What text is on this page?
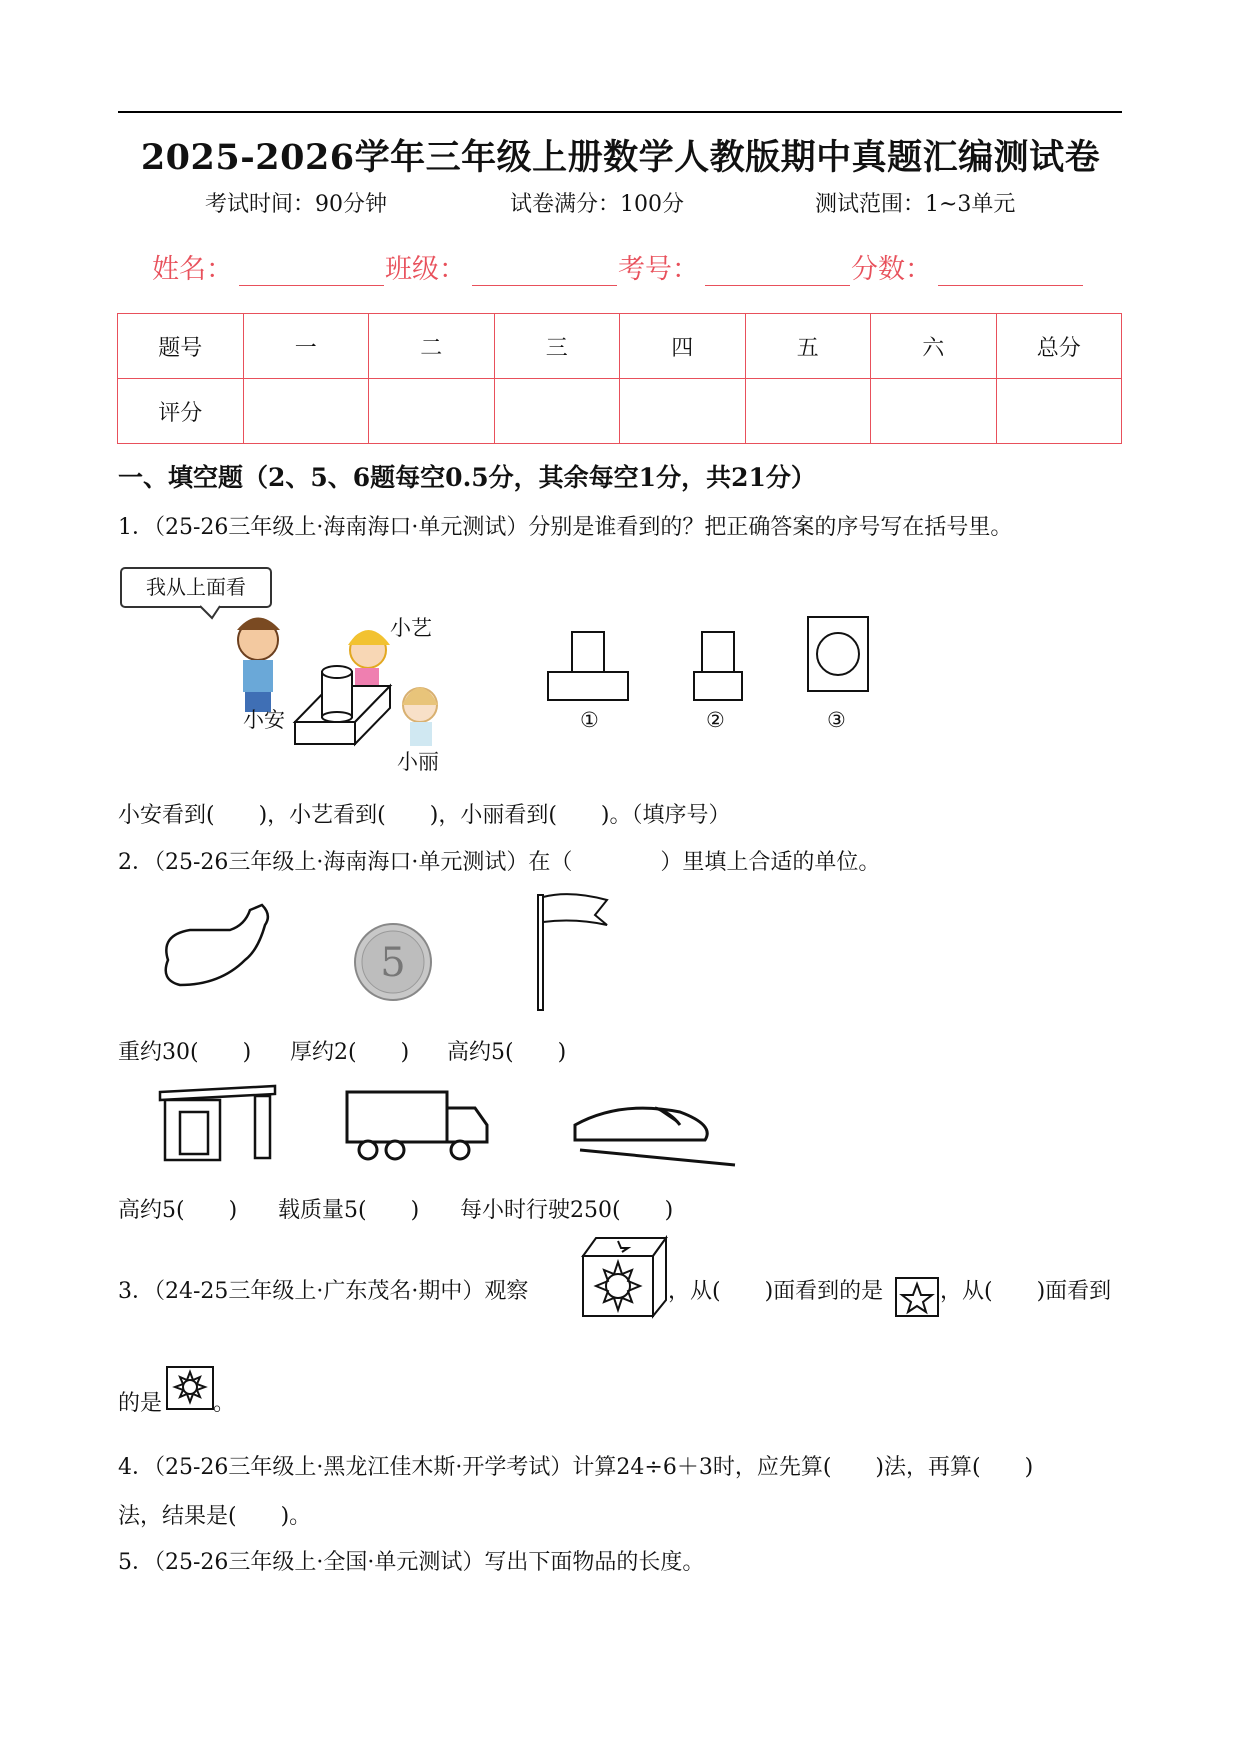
2025-2026学年三年级上册数学人教版期中真题汇编测试卷
考试时间：90分钟	试卷满分：100分	测试范围：1~3单元
姓名：	班级：	考号：	分数：
题号	一	二	三	四	五	六	总分
评分							
一、填空题（2、5、6题每空0.5分，其余每空1分，共21分）
1．（25-26三年级上·海南海口·单元测试）分别是谁看到的？把正确答案的序号写在括号里。
我从上面看
小艺
小安
小丽
①	②	③
小安看到(　　)，小艺看到(　　)，小丽看到(　　)。（填序号）
2．（25-26三年级上·海南海口·单元测试）在（　　　　）里填上合适的单位。
5
重约30(　　) 厚约2(　　) 高约5(　　)
高约5(　　) 载质量5(　　) 每小时行驶250(　　)
3．（24-25三年级上·广东茂名·期中）观察	，从(　　)面看到的是	，从(　　)面看到
的是 。
4．（25-26三年级上·黑龙江佳木斯·开学考试）计算24÷6＋3时，应先算(　　)法，再算(　　)
法，结果是(　　)。
5．（25-26三年级上·全国·单元测试）写出下面物品的长度。
